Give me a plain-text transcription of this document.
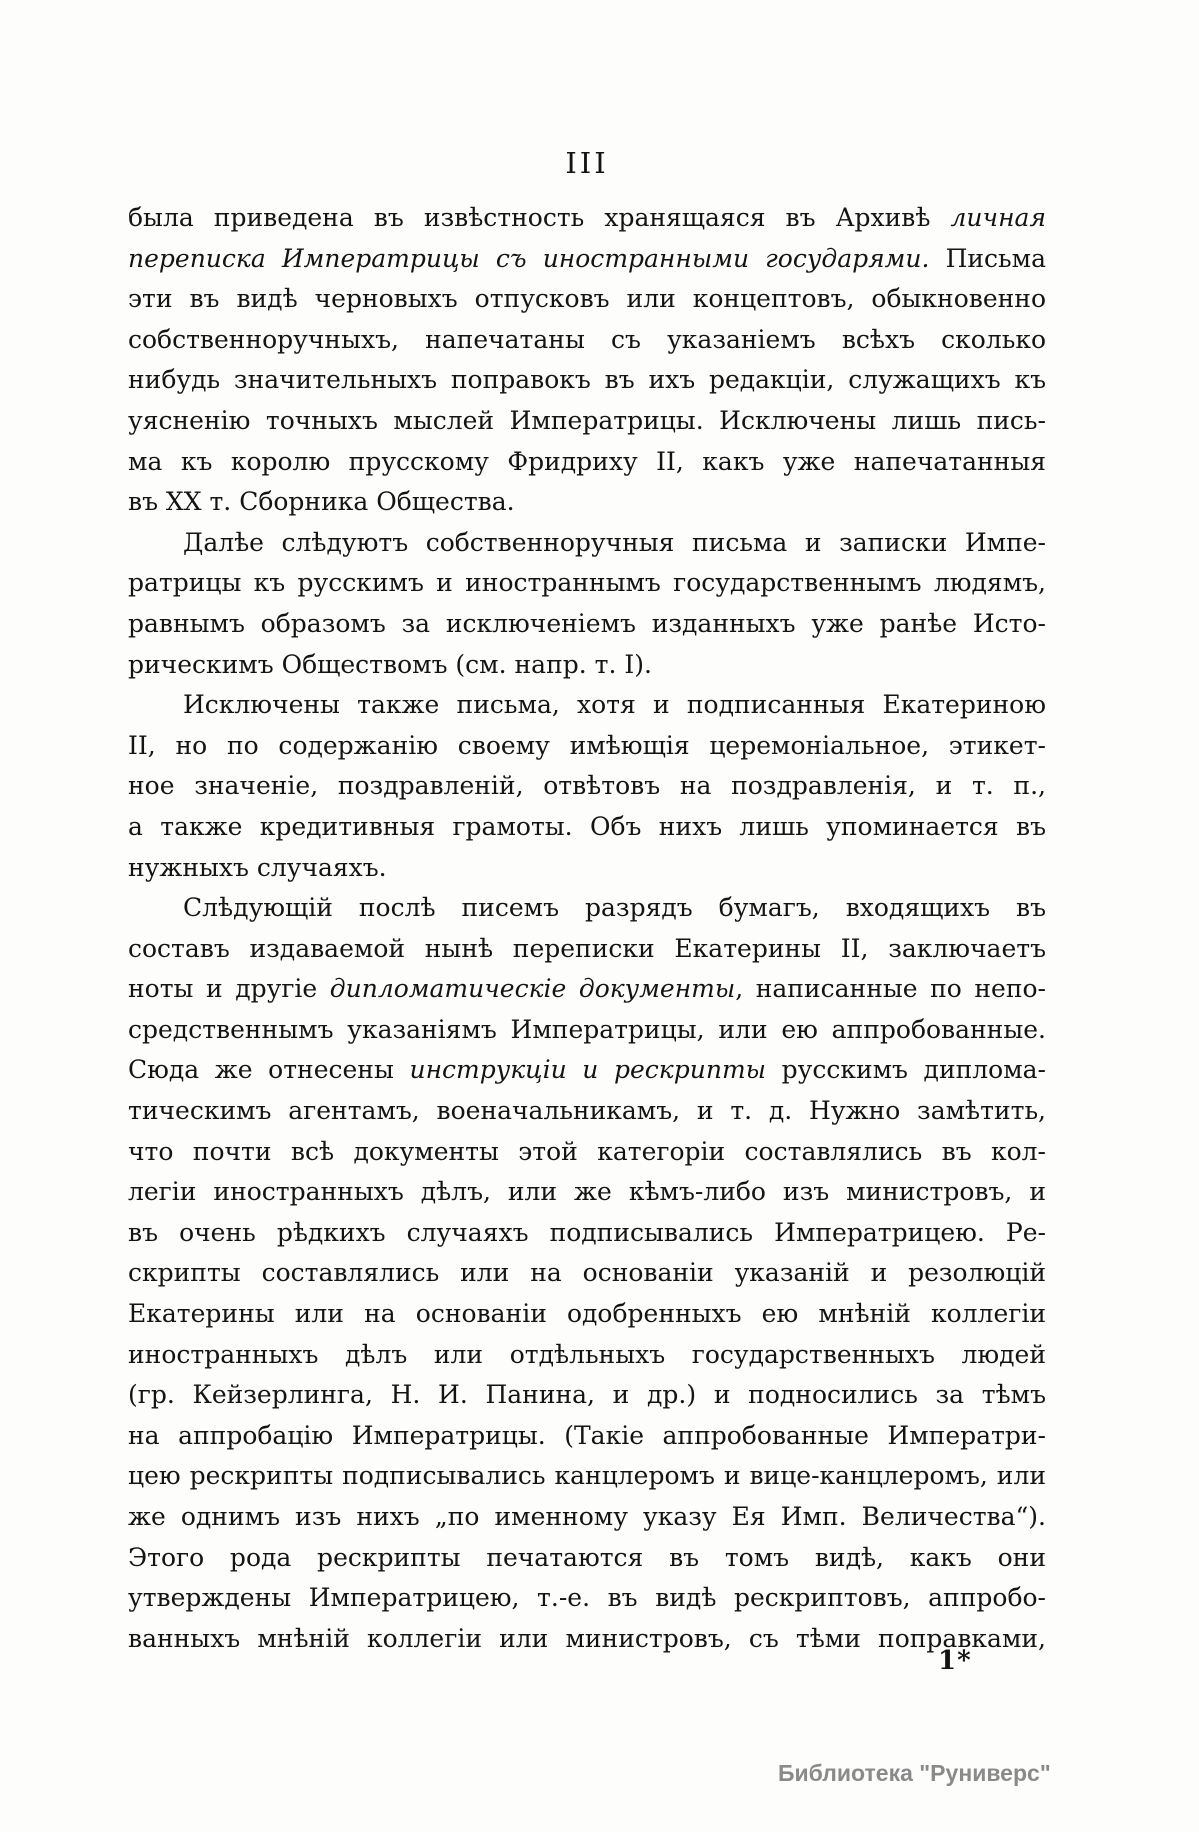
III
была приведена въ извѣстность хранящаяся въ Архивѣ личная
переписка Императрицы съ иностранными государями. Письма
эти въ видѣ черновыхъ отпусковъ или концептовъ, обыкновенно
собственноручныхъ, напечатаны съ указаніемъ всѣхъ сколько
нибудь значительныхъ поправокъ въ ихъ редакціи, служащихъ къ
уясненію точныхъ мыслей Императрицы. Исключены лишь пись-
ма къ королю прусскому Фридриху II, какъ уже напечатанныя
въ XX т. Сборника Общества.
Далѣе слѣдуютъ собственноручныя письма и записки Импе-
ратрицы къ русскимъ и иностраннымъ государственнымъ людямъ,
равнымъ образомъ за исключеніемъ изданныхъ уже ранѣе Исто-
рическимъ Обществомъ (см. напр. т. I).
Исключены также письма, хотя и подписанныя Екатериною
II, но по содержанію своему имѣющія церемоніальное, этикет-
ное значеніе, поздравленій, отвѣтовъ на поздравленія, и т. п.,
а также кредитивныя грамоты. Объ нихъ лишь упоминается въ
нужныхъ случаяхъ.
Слѣдующій послѣ писемъ разрядъ бумагъ, входящихъ въ
составъ издаваемой нынѣ переписки Екатерины II, заключаетъ
ноты и другіе дипломатическіе документы, написанные по непо-
средственнымъ указаніямъ Императрицы, или ею аппробованные.
Сюда же отнесены инструкціи и рескрипты русскимъ диплома-
тическимъ агентамъ, военачальникамъ, и т. д. Нужно замѣтить,
что почти всѣ документы этой категоріи составлялись въ кол-
легіи иностранныхъ дѣлъ, или же кѣмъ-либо изъ министровъ, и
въ очень рѣдкихъ случаяхъ подписывались Императрицею. Ре-
скрипты составлялись или на основаніи указаній и резолюцій
Екатерины или на основаніи одобренныхъ ею мнѣній коллегіи
иностранныхъ дѣлъ или отдѣльныхъ государственныхъ людей
(гр. Кейзерлинга, Н. И. Панина, и др.) и подносились за тѣмъ
на аппробацію Императрицы. (Такіе аппробованные Императри-
цею рескрипты подписывались канцлеромъ и вице-канцлеромъ, или
же однимъ изъ нихъ „по именному указу Ея Имп. Величества“).
Этого рода рескрипты печатаются въ томъ видѣ, какъ они
утверждены Императрицею, т.-е. въ видѣ рескриптовъ, аппробо-
ванныхъ мнѣній коллегіи или министровъ, съ тѣми поправками,
1*
Библиотека "Руниверс"
